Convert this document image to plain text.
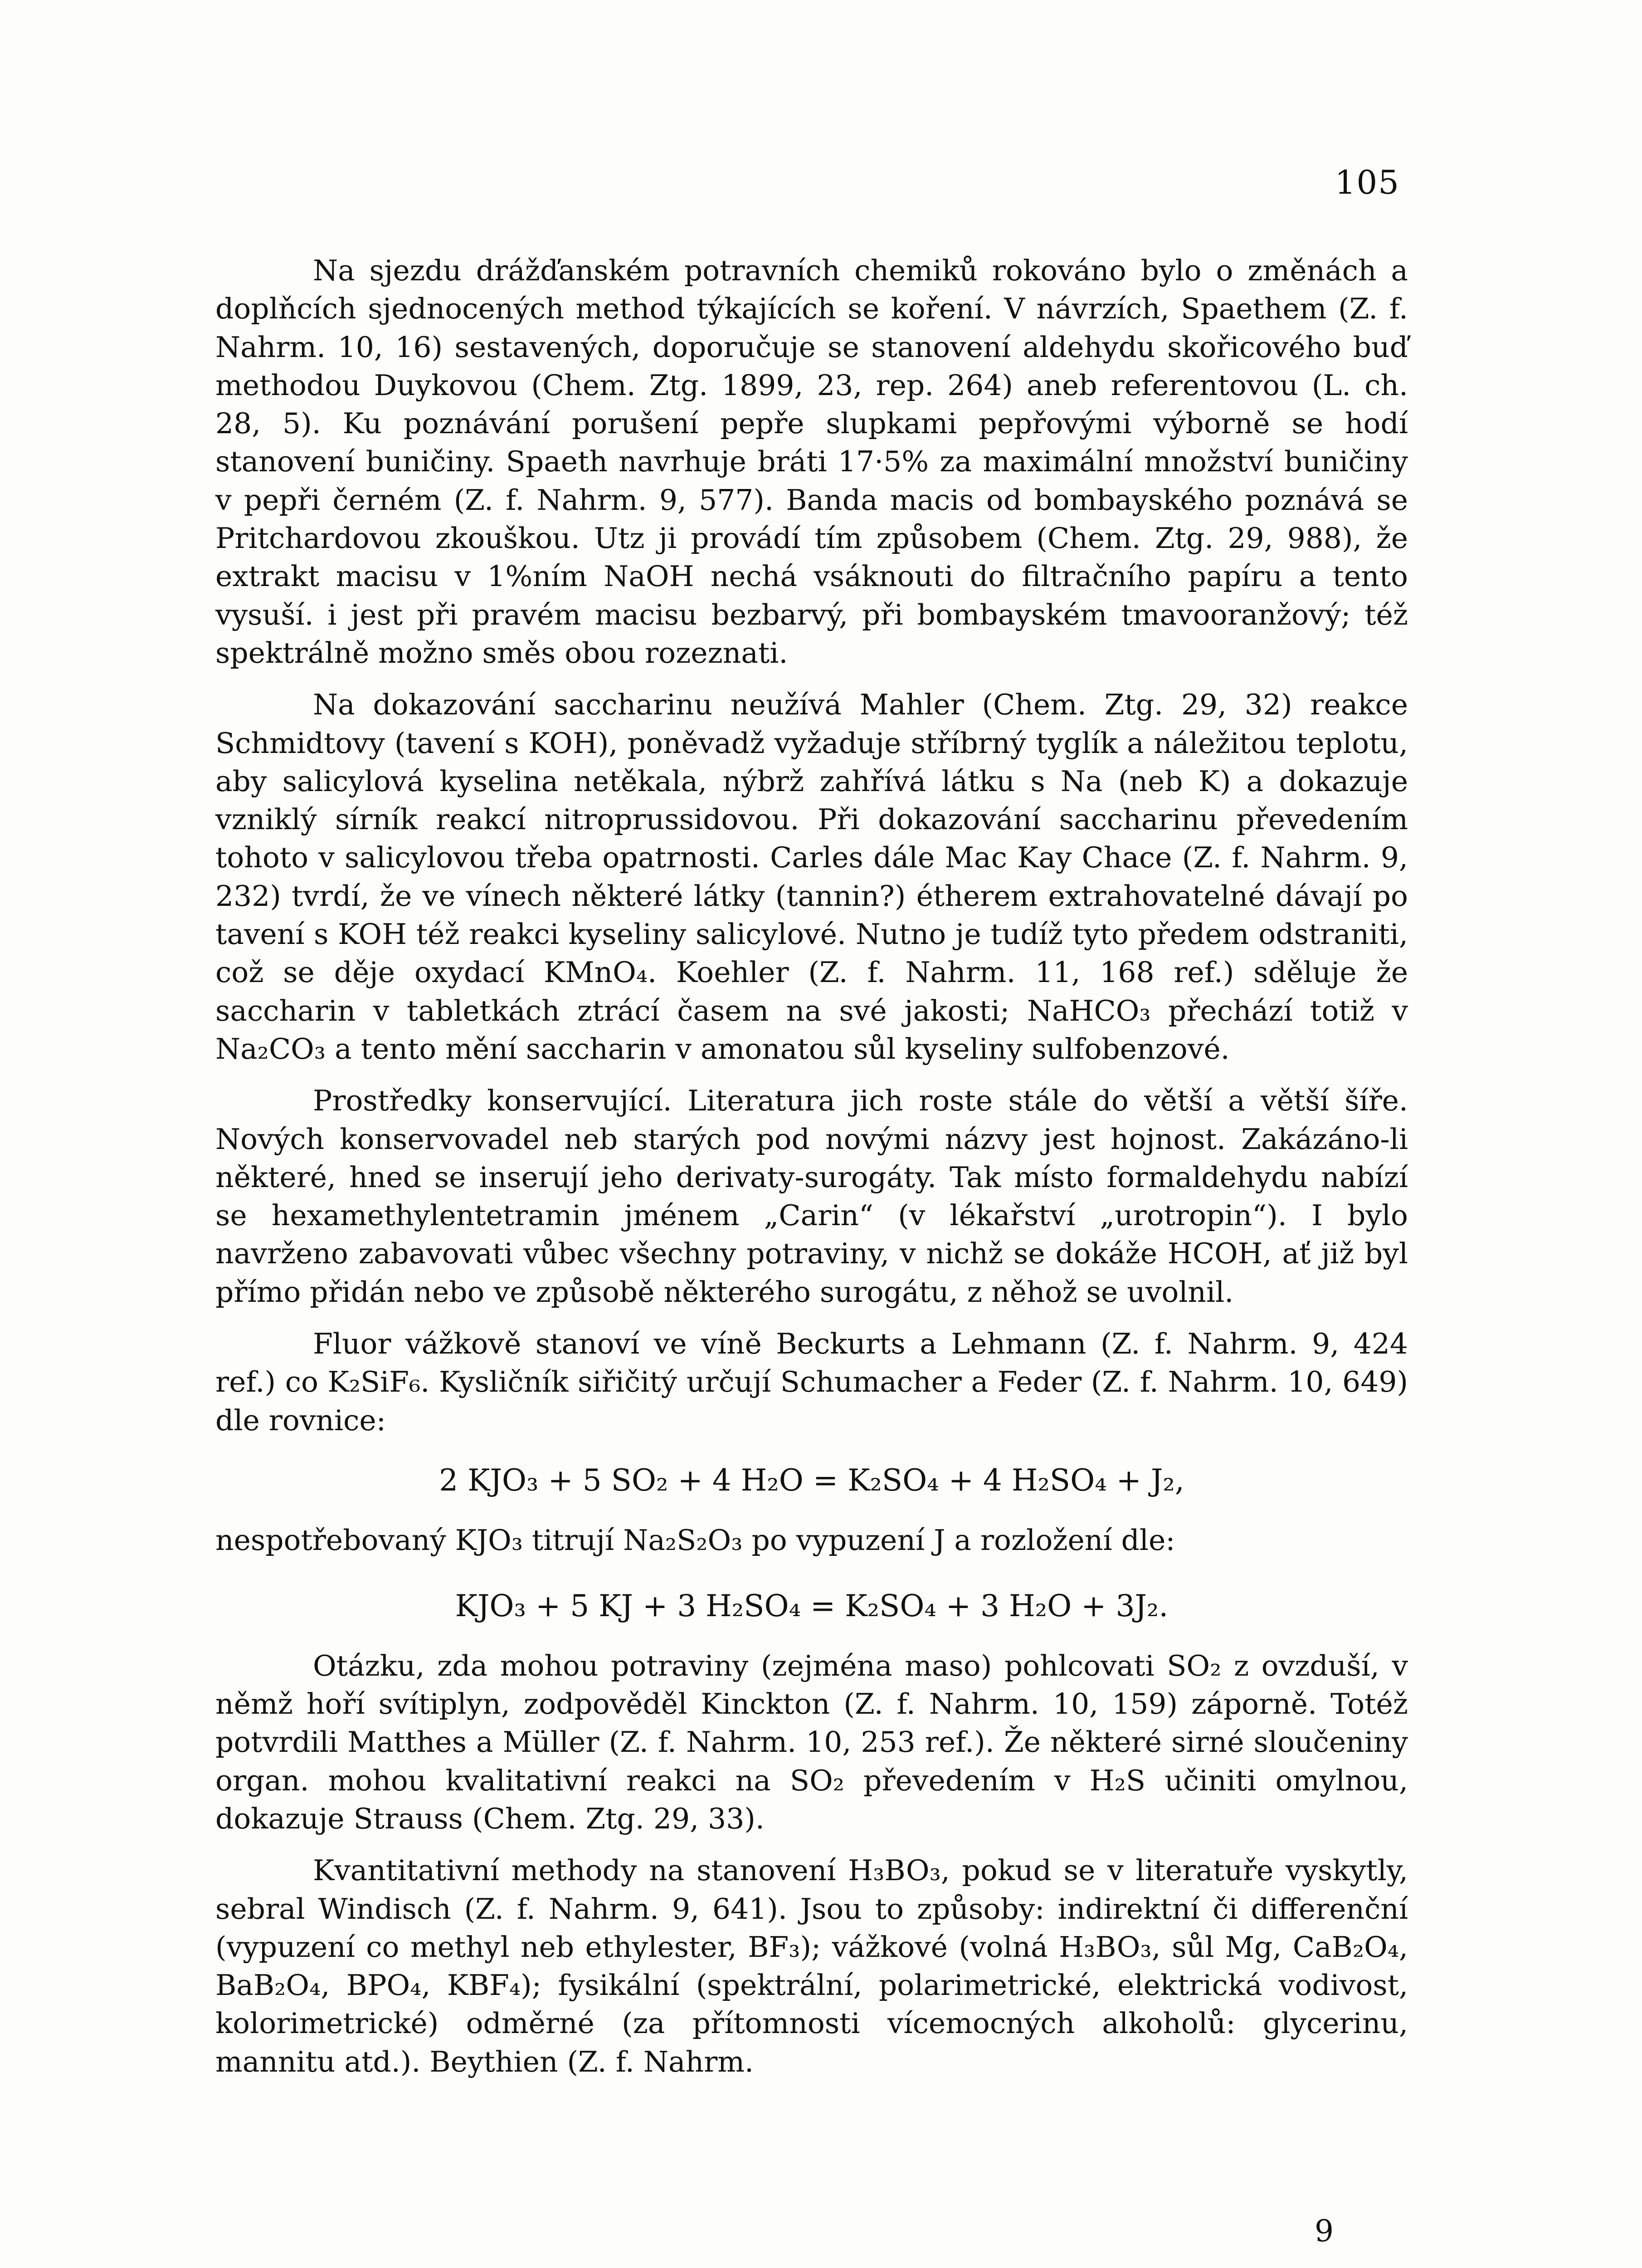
105

Na sjezdu drážďanském potravních chemiků rokováno bylo o změnách a doplňcích sjednocených method týkajících se koření. V návrzích, Spaethem (Z. f. Nahrm. 10, 16) sestavených, doporučuje se stanovení aldehydu skořicového buď methodou Duykovou (Chem. Ztg. 1899, 23, rep. 264) aneb referentovou (L. ch. 28, 5). Ku poznávání porušení pepře slupkami pepřovými výborně se hodí stanovení buničiny. Spaeth navrhuje bráti 17·5% za maximální množství buničiny v pepři černém (Z. f. Nahrm. 9, 577). Banda macis od bombayského poznává se Pritchardovou zkouškou. Utz ji provádí tím způsobem (Chem. Ztg. 29, 988), že extrakt macisu v 1%ním NaOH nechá vsáknouti do filtračního papíru a tento vysuší. i jest při pravém macisu bezbarvý, při bombayském tmavooranžový; též spektrálně možno směs obou rozeznati.

Na dokazování saccharinu neužívá Mahler (Chem. Ztg. 29, 32) reakce Schmidtovy (tavení s KOH), poněvadž vyžaduje stříbrný tyglík a náležitou teplotu, aby salicylová kyselina netěkala, nýbrž zahřívá látku s Na (neb K) a dokazuje vzniklý sírník reakcí nitroprussidovou. Při dokazování saccharinu převedením tohoto v salicylovou třeba opatrnosti. Carles dále Mac Kay Chace (Z. f. Nahrm. 9, 232) tvrdí, že ve vínech některé látky (tannin?) étherem extrahovatelné dávají po tavení s KOH též reakci kyseliny salicylové. Nutno je tudíž tyto předem odstraniti, což se děje oxydací KMnO₄. Koehler (Z. f. Nahrm. 11, 168 ref.) sděluje že saccharin v tabletkách ztrácí časem na své jakosti; NaHCO₃ přechází totiž v Na₂CO₃ a tento mění saccharin v amonatou sůl kyseliny sulfobenzové.

Prostředky konservující. Literatura jich roste stále do větší a větší šíře. Nových konservovadel neb starých pod novými názvy jest hojnost. Zakázáno-li některé, hned se inserují jeho derivaty-surogáty. Tak místo formaldehydu nabízí se hexamethylentetramin jménem „Carin“ (v lékařství „urotropin“). I bylo navrženo zabavovati vůbec všechny potraviny, v nichž se dokáže HCOH, ať již byl přímo přidán nebo ve způsobě některého surogátu, z něhož se uvolnil.

Fluor vážkově stanoví ve víně Beckurts a Lehmann (Z. f. Nahrm. 9, 424 ref.) co K₂SiF₆. Kysličník siřičitý určují Schumacher a Feder (Z. f. Nahrm. 10, 649) dle rovnice:

2 KJO₃ + 5 SO₂ + 4 H₂O = K₂SO₄ + 4 H₂SO₄ + J₂,

nespotřebovaný KJO₃ titrují Na₂S₂O₃ po vypuzení J a rozložení dle:

KJO₃ + 5 KJ + 3 H₂SO₄ = K₂SO₄ + 3 H₂O + 3J₂.

Otázku, zda mohou potraviny (zejména maso) pohlcovati SO₂ z ovzduší, v němž hoří svítiplyn, zodpověděl Kinckton (Z. f. Nahrm. 10, 159) záporně. Totéž potvrdili Matthes a Müller (Z. f. Nahrm. 10, 253 ref.). Že některé sirné sloučeniny organ. mohou kvalitativní reakci na SO₂ převedením v H₂S učiniti omylnou, dokazuje Strauss (Chem. Ztg. 29, 33).

Kvantitativní methody na stanovení H₃BO₃, pokud se v literatuře vyskytly, sebral Windisch (Z. f. Nahrm. 9, 641). Jsou to způsoby: indirektní či differenční (vypuzení co methyl neb ethylester, BF₃); vážkové (volná H₃BO₃, sůl Mg, CaB₂O₄, BaB₂O₄, BPO₄, KBF₄); fysikální (spektrální, polarimetrické, elektrická vodivost, kolorimetrické) odměrné (za přítomnosti vícemocných alkoholů: glycerinu, mannitu atd.). Beythien (Z. f. Nahrm.

9
